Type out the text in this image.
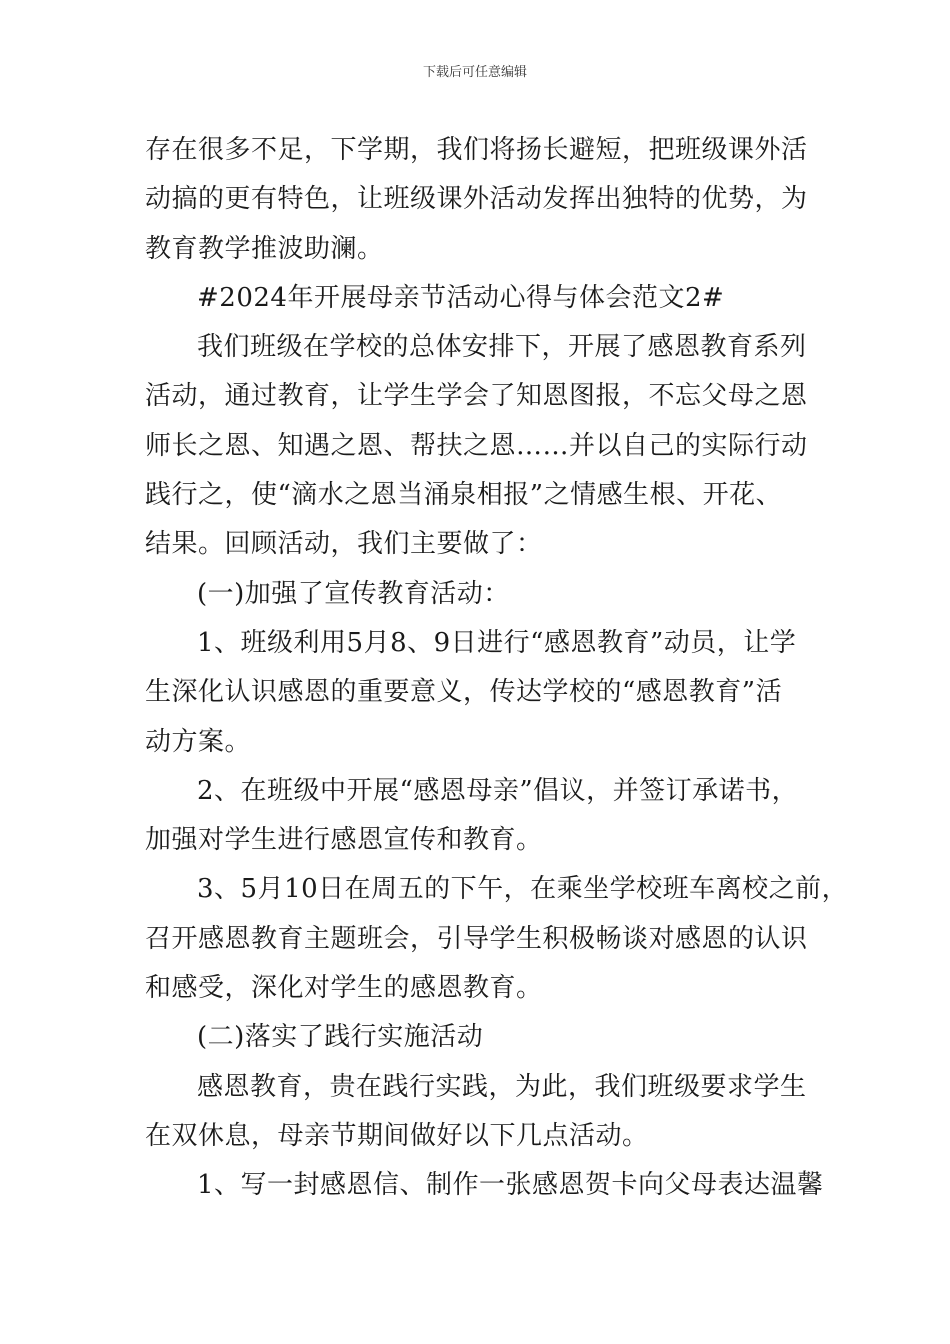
下载后可任意编辑
存在很多不足，下学期，我们将扬长避短，把班级课外活
动搞的更有特色，让班级课外活动发挥出独特的优势，为
教育教学推波助澜。
#2024年开展母亲节活动心得与体会范文2#
我们班级在学校的总体安排下，开展了感恩教育系列
活动，通过教育，让学生学会了知恩图报，不忘父母之恩
师长之恩、知遇之恩、帮扶之恩……并以自己的实际行动
践行之，使“滴水之恩当涌泉相报”之情感生根、开花、
结果。回顾活动，我们主要做了：
(一)加强了宣传教育活动：
1、班级利用5月8、9日进行“感恩教育”动员，让学
生深化认识感恩的重要意义，传达学校的“感恩教育”活
动方案。
2、在班级中开展“感恩母亲”倡议，并签订承诺书，
加强对学生进行感恩宣传和教育。
3、5月10日在周五的下午，在乘坐学校班车离校之前，
召开感恩教育主题班会，引导学生积极畅谈对感恩的认识
和感受，深化对学生的感恩教育。
(二)落实了践行实施活动
感恩教育，贵在践行实践，为此，我们班级要求学生
在双休息，母亲节期间做好以下几点活动。
1、写一封感恩信、制作一张感恩贺卡向父母表达温馨
